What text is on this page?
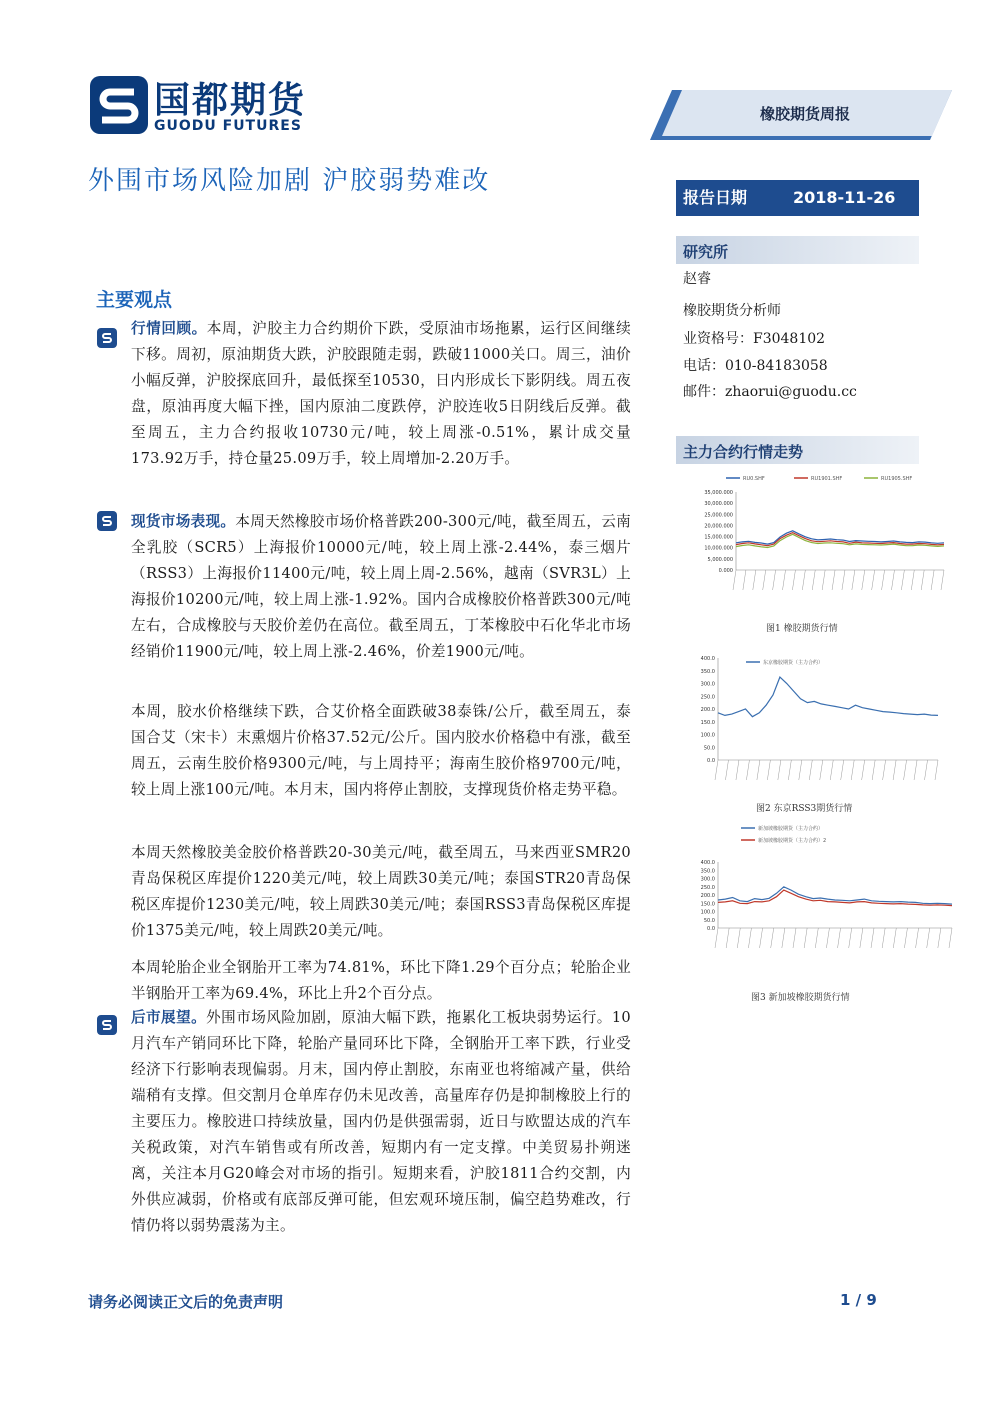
国都期货
GUODU FUTURES
橡胶期货周报
外围市场风险加剧 沪胶弱势难改
报告日期	2018-11-26
研究所
赵睿
橡胶期货分析师
业资格号：F3048102
电话：010-84183058
邮件：zhaorui@guodu.cc
主力合约行情走势
0.000
5,000.000
10,000.000
15,000.000
20,000.000
25,000.000
30,000.000
35,000.000
RU0.SHF	RU1901.SHF	RU1905.SHF
图1 橡胶期货行情
0.0
50.0
100.0
150.0
200.0
250.0
300.0
350.0
400.0
东京橡胶期货（主力合约）
图2 东京RSS3期货行情
0.0
50.0
100.0
150.0
200.0
250.0
300.0
350.0
400.0
新加坡橡胶期货（主力合约）
新加坡橡胶期货（主力合约）2
图3 新加坡橡胶期货行情
主要观点
行情回顾。本周，沪胶主力合约期价下跌，受原油市场拖累，运行区间继续下移。周初，原油期货大跌，沪胶跟随走弱，跌破11000关口。周三，油价小幅反弹，沪胶探底回升，最低探至10530，日内形成长下影阴线。周五夜盘，原油再度大幅下挫，国内原油二度跌停，沪胶连收5日阴线后反弹。截至周五，主力合约报收10730元/吨，较上周涨-0.51%，累计成交量173.92万手，持仓量25.09万手，较上周增加-2.20万手。
现货市场表现。本周天然橡胶市场价格普跌200-300元/吨，截至周五，云南全乳胶（SCR5）上海报价10000元/吨，较上周上涨-2.44%，泰三烟片（RSS3）上海报价11400元/吨，较上周上周-2.56%，越南（SVR3L）上海报价10200元/吨，较上周上涨-1.92%。国内合成橡胶价格普跌300元/吨左右，合成橡胶与天胶价差仍在高位。截至周五，丁苯橡胶中石化华北市场经销价11900元/吨，较上周上涨-2.46%，价差1900元/吨。
本周，胶水价格继续下跌，合艾价格全面跌破38泰铢/公斤，截至周五，泰国合艾（宋卡）末熏烟片价格37.52元/公斤。国内胶水价格稳中有涨，截至周五，云南生胶价格9300元/吨，与上周持平；海南生胶价格9700元/吨，较上周上涨100元/吨。本月末，国内将停止割胶，支撑现货价格走势平稳。
本周天然橡胶美金胶价格普跌20-30美元/吨，截至周五，马来西亚SMR20青岛保税区库提价1220美元/吨，较上周跌30美元/吨；泰国STR20青岛保税区库提价1230美元/吨，较上周跌30美元/吨；泰国RSS3青岛保税区库提价1375美元/吨，较上周跌20美元/吨。
本周轮胎企业全钢胎开工率为74.81%，环比下降1.29个百分点；轮胎企业半钢胎开工率为69.4%，环比上升2个百分点。
后市展望。外围市场风险加剧，原油大幅下跌，拖累化工板块弱势运行。10月汽车产销同环比下降，轮胎产量同环比下降，全钢胎开工率下跌，行业受经济下行影响表现偏弱。月末，国内停止割胶，东南亚也将缩减产量，供给端稍有支撑。但交割月仓单库存仍未见改善，高量库存仍是抑制橡胶上行的主要压力。橡胶进口持续放量，国内仍是供强需弱，近日与欧盟达成的汽车关税政策，对汽车销售或有所改善，短期内有一定支撑。中美贸易扑朔迷离，关注本月G20峰会对市场的指引。短期来看，沪胶1811合约交割，内外供应减弱，价格或有底部反弹可能，但宏观环境压制，偏空趋势难改，行情仍将以弱势震荡为主。
请务必阅读正文后的免责声明	1 / 9
